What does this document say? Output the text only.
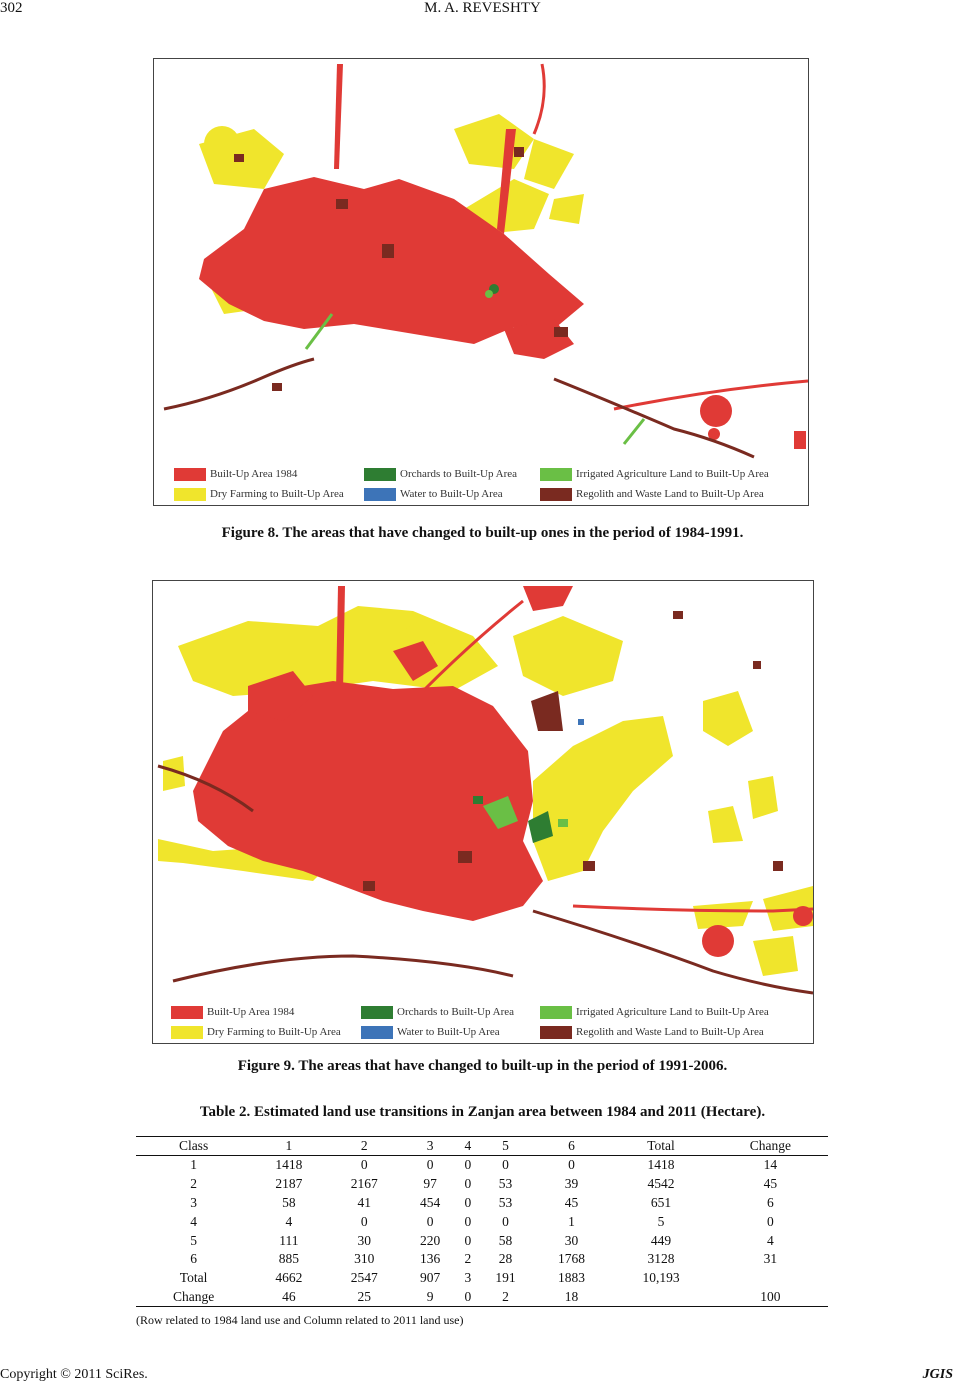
302	M. A. REVESHTY
Built-Up Area 1984	Orchards to Built-Up Area	Irrigated Agriculture Land to Built-Up Area
Dry Farming to Built-Up Area	Water to Built-Up Area	Regolith and Waste Land to Built-Up Area
Figure 8. The areas that have changed to built-up ones in the period of 1984-1991.
Built-Up Area 1984	Orchards to Built-Up Area	Irrigated Agriculture Land to Built-Up Area
Dry Farming to Built-Up Area	Water to Built-Up Area	Regolith and Waste Land to Built-Up Area
Figure 9. The areas that have changed to built-up in the period of 1991-2006.
Table 2. Estimated land use transitions in Zanjan area between 1984 and 2011 (Hectare).
Class	1	2	3	4	5	6	Total	Change
1	1418	0	0	0	0	0	1418	14
2	2187	2167	97	0	53	39	4542	45
3	58	41	454	0	53	45	651	6
4	4	0	0	0	0	1	5	0
5	111	30	220	0	58	30	449	4
6	885	310	136	2	28	1768	3128	31
Total	4662	2547	907	3	191	1883	10,193	
Change	46	25	9	0	2	18		100
(Row related to 1984 land use and Column related to 2011 land use)
Copyright © 2011 SciRes.	JGIS
